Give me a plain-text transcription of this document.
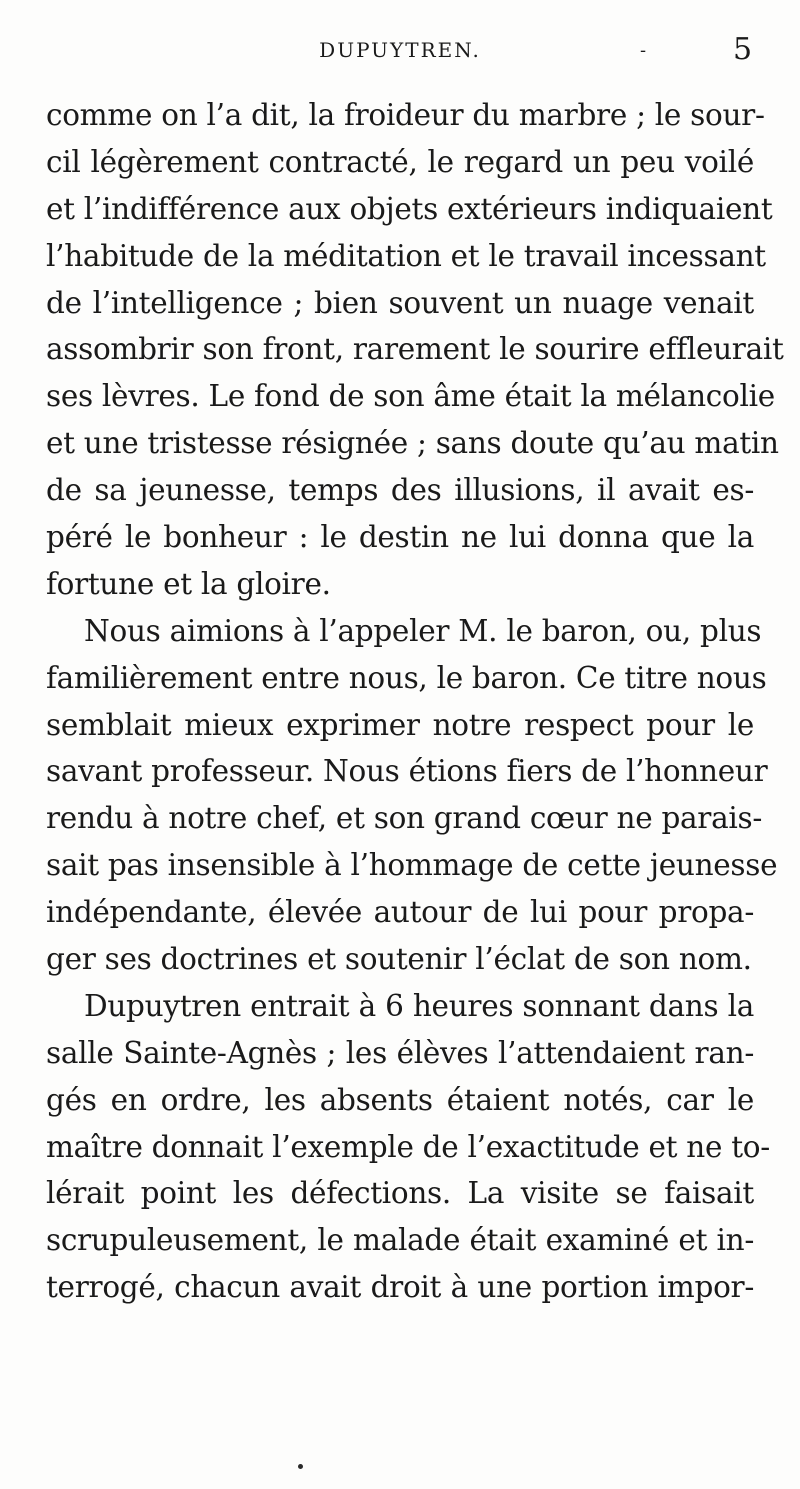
DUPUYTREN.	-	5
comme on l’a dit, la froideur du marbre ; le sour-
cil légèrement contracté, le regard un peu voilé
et l’indifférence aux objets extérieurs indiquaient
l’habitude de la méditation et le travail incessant
de l’intelligence ; bien souvent un nuage venait
assombrir son front, rarement le sourire effleurait
ses lèvres. Le fond de son âme était la mélancolie
et une tristesse résignée ; sans doute qu’au matin
de sa jeunesse, temps des illusions, il avait es-
péré le bonheur : le destin ne lui donna que la
fortune et la gloire.
Nous aimions à l’appeler M. le baron, ou, plus
familièrement entre nous, le baron. Ce titre nous
semblait mieux exprimer notre respect pour le
savant professeur. Nous étions fiers de l’honneur
rendu à notre chef, et son grand cœur ne parais-
sait pas insensible à l’hommage de cette jeunesse
indépendante, élevée autour de lui pour propa-
ger ses doctrines et soutenir l’éclat de son nom.
Dupuytren entrait à 6 heures sonnant dans la
salle Sainte-Agnès ; les élèves l’attendaient ran-
gés en ordre, les absents étaient notés, car le
maître donnait l’exemple de l’exactitude et ne to-
lérait point les défections. La visite se faisait
scrupuleusement, le malade était examiné et in-
terrogé, chacun avait droit à une portion impor-
